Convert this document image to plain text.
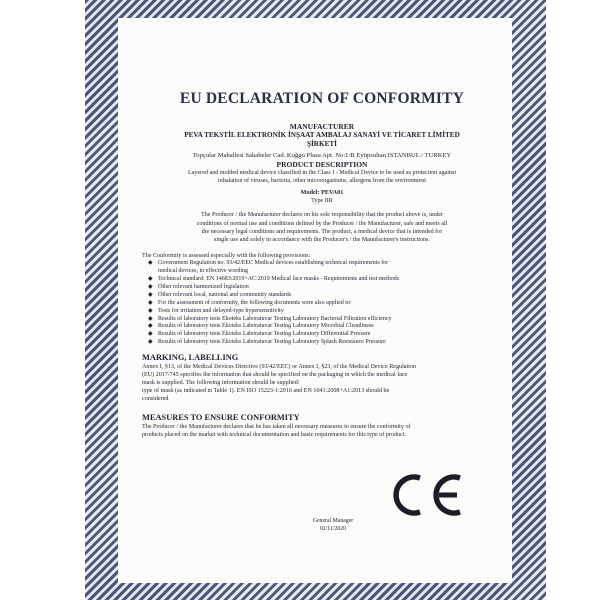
EU DECLARATION OF CONFORMITY
MANUFACTURER
PEVA TEKSTİL ELEKTRONİK İNŞAAT AMBALAJ SANAYİ VE TİCARET LİMİTED
ŞİRKETİ
Topçular Mahallesi Sahabeler Cad. Kuğgu Plaza Apt. No:1/B Eyüpsultan ISTANBUL / TURKEY
PRODUCT DESCRIPTION
Layered and molded medical device classified in the Class I - Medical Device to be used as protection against
inhalation of viruses, bacteria, other microorganisms, allergens from the environment
Model: PEVA01
Type IIR
The Producer / the Manufacturer declares on his sole responsibility that the product above is, under
conditions of normal use and conditions defined by the Producer / the Manufacturer, safe and meets all
the necessary legal conditions and requirements. The product, a medical device that is intended for
single use and solely in accordance with the Producer's / the Manufacturer's instructions.
The Conformity is assessed especially with the following provisions:
◆ Government Regulation no. 93/42/EEC Medical devices establishing technical requirements for
medical devices, in effective wording
◆ Technical standard: EN 14683:2019+AC:2019 Medical face masks - Requirements and test methods
◆ Other relevant harmonized legislation
◆ Other relevant local, national and community standards
◆ For the assessment of conformity, the following documents were also applied to:
◆ Tests for irritation and delayed-type hypersensitivity
◆ Results of laboratory tests Ekoteks Laboratuvar Testing Laboratory Bacterial Filtration efficiency
◆ Results of laboratory tests Ekoteks Laboratuvar Testing Laboratory Microbial Cleanliness
◆ Results of laboratory tests Ekoteks Laboratuvar Testing Laboratory Differential Pressure
◆ Results of laboratory tests Ekoteks Laboratuvar Testing Laboratory Splash Resistance Pressure
MARKING, LABELLING
Annex I, §13, of the Medical Devices Directive (93/42/EEC) or Annex I, §23, of the Medical Device Regulation
(EU) 2017/745 specifies the information that should be specified on the packaging in which the medical face
mask is supplied. The following information should be supplied:
type of mask (as indicated in Table 1). EN ISO 15223-1:2016 and EN 1041:2008+A1:2013 should be
considered
MEASURES TO ENSURE CONFORMITY
The Producer / the Manufacturer declares that he has taken all necessary measures to ensure the conformity of
products placed on the market with technical documentation and basic requirements for this type of product.
General Manager
02/11/2020
